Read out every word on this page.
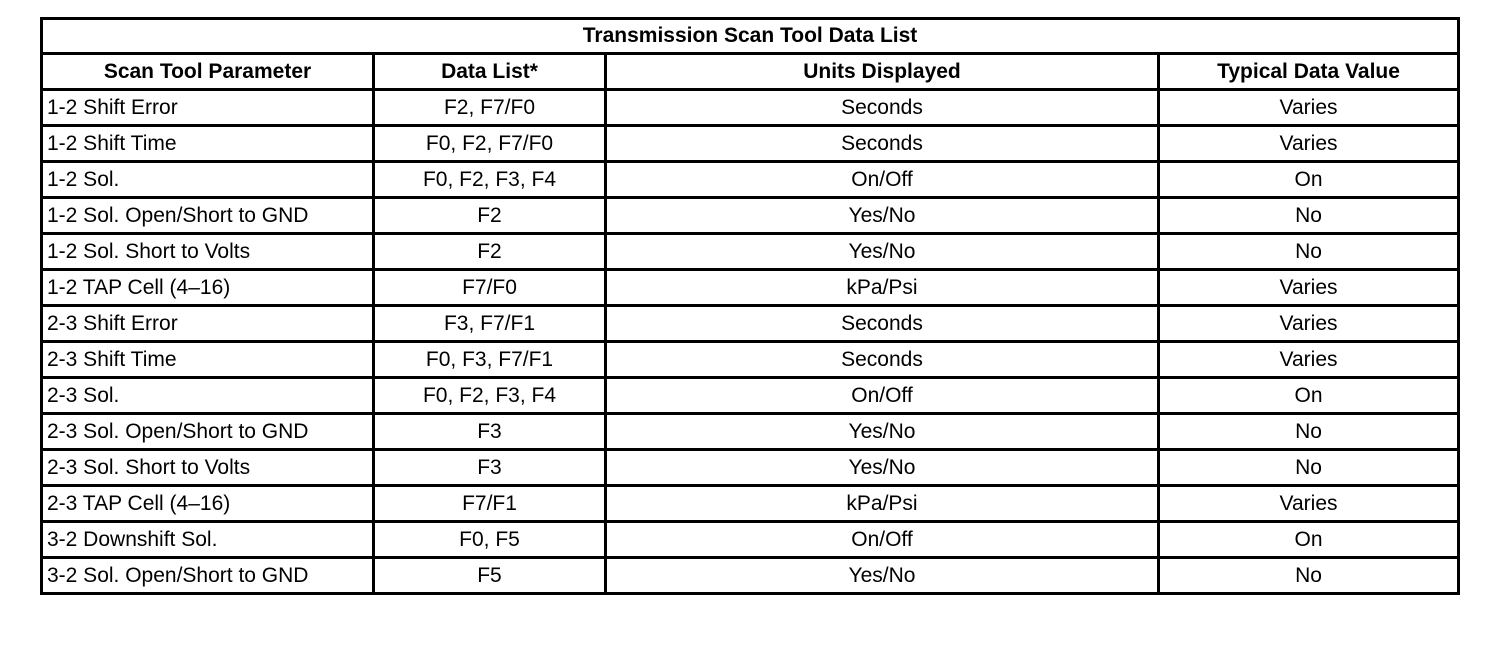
Transmission Scan Tool Data List			
Scan Tool Parameter	Data List*	Units Displayed	Typical Data Value
1-2 Shift Error	F2, F7/F0	Seconds	Varies
1-2 Shift Time	F0, F2, F7/F0	Seconds	Varies
1-2 Sol.	F0, F2, F3, F4	On/Off	On
1-2 Sol. Open/Short to GND	F2	Yes/No	No
1-2 Sol. Short to Volts	F2	Yes/No	No
1-2 TAP Cell (4–16)	F7/F0	kPa/Psi	Varies
2-3 Shift Error	F3, F7/F1	Seconds	Varies
2-3 Shift Time	F0, F3, F7/F1	Seconds	Varies
2-3 Sol.	F0, F2, F3, F4	On/Off	On
2-3 Sol. Open/Short to GND	F3	Yes/No	No
2-3 Sol. Short to Volts	F3	Yes/No	No
2-3 TAP Cell (4–16)	F7/F1	kPa/Psi	Varies
3-2 Downshift Sol.	F0, F5	On/Off	On
3-2 Sol. Open/Short to GND	F5	Yes/No	No
